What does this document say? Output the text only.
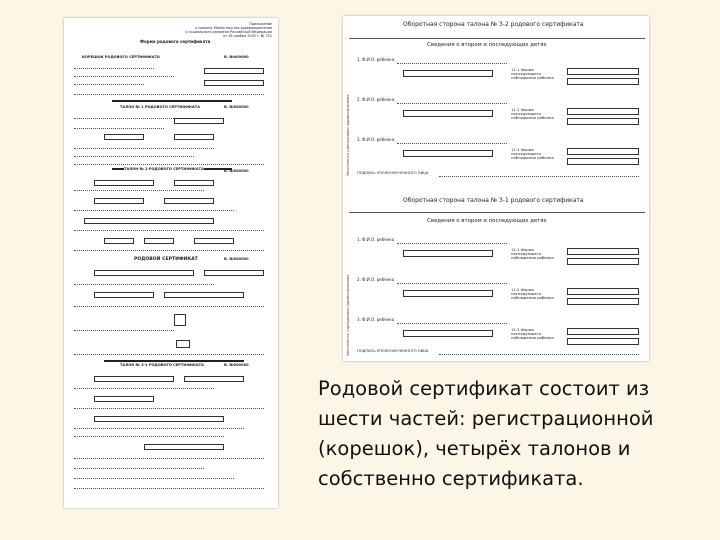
Приложение
к приказу Министерства здравоохранения
и социального развития Российской Федерации
от 28 ноября 2005 г. № 701
Форма родового сертификата
КОРЕШОК РОДОВОГО СЕРТИФИКАТА	В. №000000
ТАЛОН № 1 РОДОВОГО СЕРТИФИКАТА	В. №000000
ТАЛОН № 2 РОДОВОГО СЕРТИФИКАТА	В. №000000
РОДОВОЙ СЕРТИФИКАТ	В. №000000
ТАЛОН № 3-1 РОДОВОГО СЕРТИФИКАТА	В. №000000
Заполняется учреждением здравоохранения
Заполняется учреждением здравоохранения
Оборотная сторона талона № 3-2 родового сертификата
Сведения о втором и последующих детях
1. Ф.И.О. ребенка
11.1 Форма последующего наблюдения ребенка
2. Ф.И.О. ребенка
11.2 Форма последующего наблюдения ребенка
3. Ф.И.О. ребенка
11.3 Форма последующего наблюдения ребенка
ПОДПИСЬ УПОЛНОМОЧЕННОГО ЛИЦА
Оборотная сторона талона № 3-1 родового сертификата
Сведения о втором и последующих детях
1. Ф.И.О. ребенка
11.1 Форма последующего наблюдения ребенка
2. Ф.И.О. ребенка
11.2 Форма последующего наблюдения ребенка
3. Ф.И.О. ребенка
11.3 Форма последующего наблюдения ребенка
ПОДПИСЬ УПОЛНОМОЧЕННОГО ЛИЦА
Родовой сертификат состоит из
шести частей: регистрационной
(корешок), четырёх талонов и
собственно сертификата.
